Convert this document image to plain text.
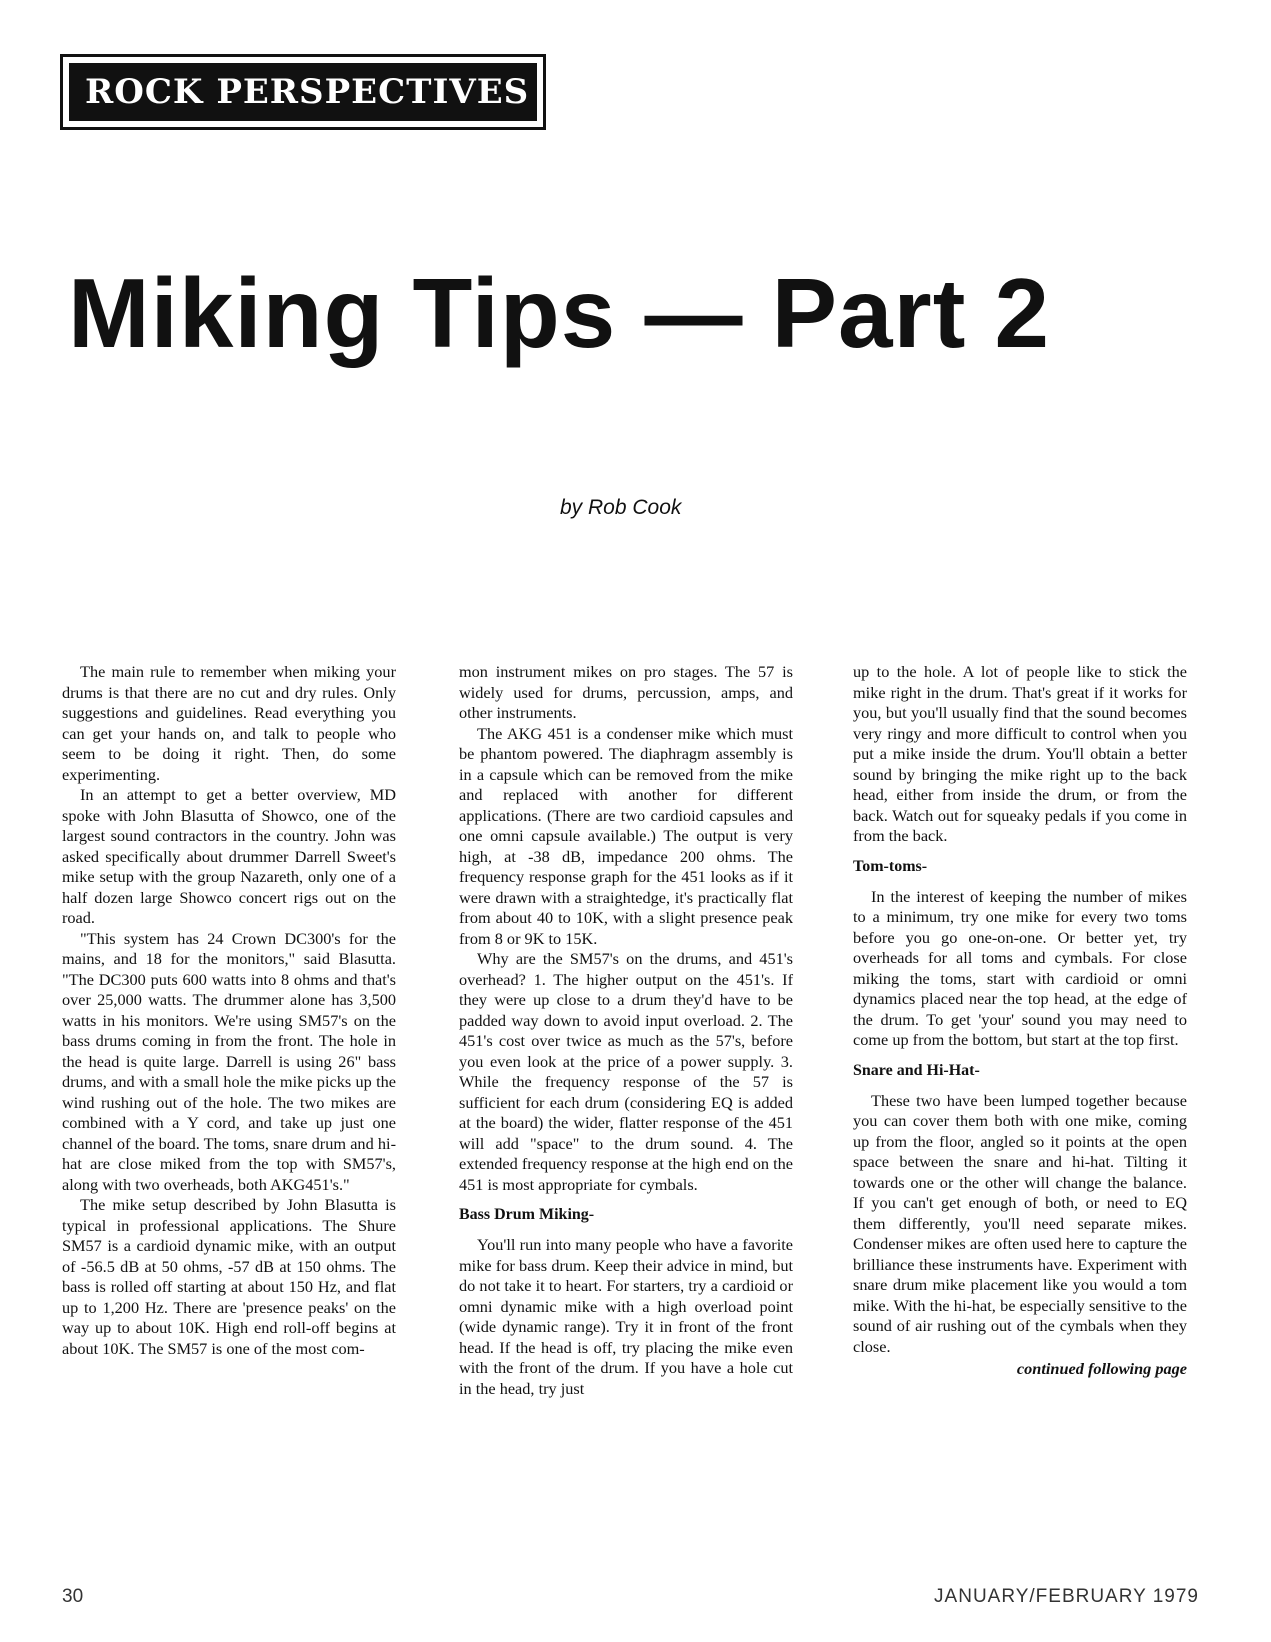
ROCK PERSPECTIVES
Miking Tips — Part 2
by Rob Cook

The main rule to remember when miking your drums is that there are no cut and dry rules. Only suggestions and guidelines. Read everything you can get your hands on, and talk to people who seem to be doing it right. Then, do some experimenting.

In an attempt to get a better overview, MD spoke with John Blasutta of Showco, one of the largest sound contractors in the country. John was asked specifically about drummer Darrell Sweet's mike setup with the group Nazareth, only one of a half dozen large Showco concert rigs out on the road.

"This system has 24 Crown DC300's for the mains, and 18 for the monitors," said Blasutta. "The DC300 puts 600 watts into 8 ohms and that's over 25,000 watts. The drummer alone has 3,500 watts in his monitors. We're using SM57's on the bass drums coming in from the front. The hole in the head is quite large. Darrell is using 26" bass drums, and with a small hole the mike picks up the wind rushing out of the hole. The two mikes are combined with a Y cord, and take up just one channel of the board. The toms, snare drum and hi-hat are close miked from the top with SM57's, along with two overheads, both AKG451's."

The mike setup described by John Blasutta is typical in professional applications. The Shure SM57 is a cardioid dynamic mike, with an output of -56.5 dB at 50 ohms, -57 dB at 150 ohms. The bass is rolled off starting at about 150 Hz, and flat up to 1,200 Hz. There are 'presence peaks' on the way up to about 10K. High end roll-off begins at about 10K. The SM57 is one of the most com-

mon instrument mikes on pro stages. The 57 is widely used for drums, percussion, amps, and other instruments.

The AKG 451 is a condenser mike which must be phantom powered. The diaphragm assembly is in a capsule which can be removed from the mike and replaced with another for different applications. (There are two cardioid capsules and one omni capsule available.) The output is very high, at -38 dB, impedance 200 ohms. The frequency response graph for the 451 looks as if it were drawn with a straightedge, it's practically flat from about 40 to 10K, with a slight presence peak from 8 or 9K to 15K.

Why are the SM57's on the drums, and 451's overhead? 1. The higher output on the 451's. If they were up close to a drum they'd have to be padded way down to avoid input overload. 2. The 451's cost over twice as much as the 57's, before you even look at the price of a power supply. 3. While the frequency response of the 57 is sufficient for each drum (considering EQ is added at the board) the wider, flatter response of the 451 will add "space" to the drum sound. 4. The extended frequency response at the high end on the 451 is most appropriate for cymbals.

Bass Drum Miking-

You'll run into many people who have a favorite mike for bass drum. Keep their advice in mind, but do not take it to heart. For starters, try a cardioid or omni dynamic mike with a high overload point (wide dynamic range). Try it in front of the front head. If the head is off, try placing the mike even with the front of the drum. If you have a hole cut in the head, try just

up to the hole. A lot of people like to stick the mike right in the drum. That's great if it works for you, but you'll usually find that the sound becomes very ringy and more difficult to control when you put a mike inside the drum. You'll obtain a better sound by bringing the mike right up to the back head, either from inside the drum, or from the back. Watch out for squeaky pedals if you come in from the back.

Tom-toms-

In the interest of keeping the number of mikes to a minimum, try one mike for every two toms before you go one-on-one. Or better yet, try overheads for all toms and cymbals. For close miking the toms, start with cardioid or omni dynamics placed near the top head, at the edge of the drum. To get 'your' sound you may need to come up from the bottom, but start at the top first.

Snare and Hi-Hat-

These two have been lumped together because you can cover them both with one mike, coming up from the floor, angled so it points at the open space between the snare and hi-hat. Tilting it towards one or the other will change the balance. If you can't get enough of both, or need to EQ them differently, you'll need separate mikes. Condenser mikes are often used here to capture the brilliance these instruments have. Experiment with snare drum mike placement like you would a tom mike. With the hi-hat, be especially sensitive to the sound of air rushing out of the cymbals when they close.

continued following page
30	JANUARY/FEBRUARY 1979
